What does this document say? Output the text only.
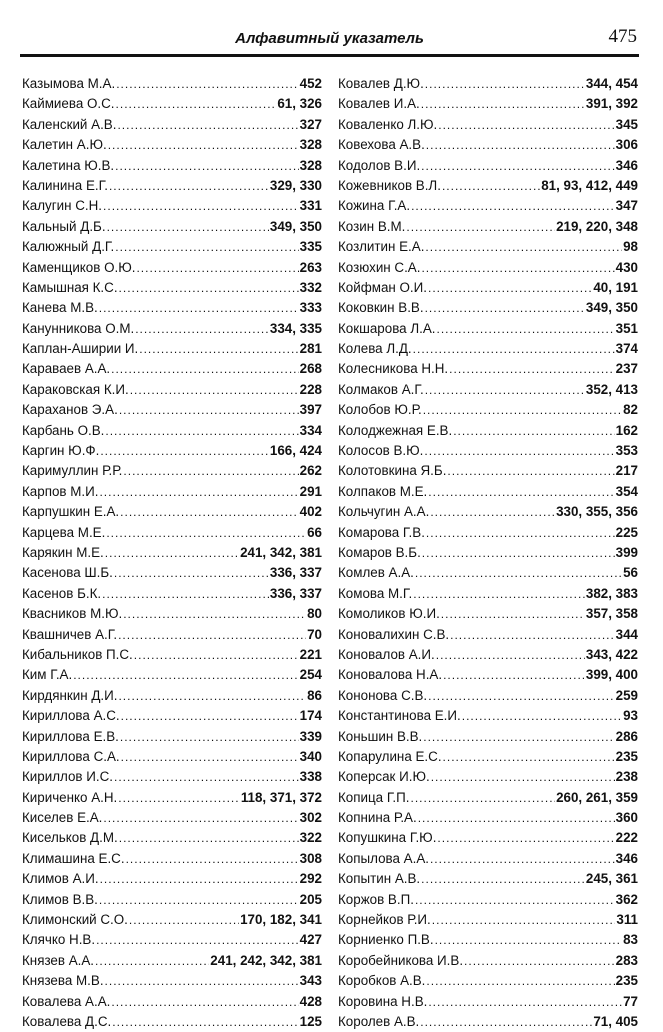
Алфавитный указатель	475
Казымова М.А. .....	452
Каймиева О.С. .....	61, 326
Каленский А.В. .....	327
Калетин А.Ю. .....	328
Калетина Ю.В. .....	328
Калинина Е.Г. .....	329, 330
Калугин С.Н. .....	331
Кальный Д.Б. .....	349, 350
Калюжный Д.Г. .....	335
Каменщиков О.Ю. .....	263
Камышная К.С. .....	332
Канева М.В. .....	333
Канунникова О.М. .....	334, 335
Каплан-Аширии И. .....	281
Караваев А.А. .....	268
Караковская К.И. .....	228
Караханов Э.А. .....	397
Карбань О.В. .....	334
Каргин Ю.Ф. .....	166, 424
Каримуллин Р.Р. .....	262
Карпов М.И. .....	291
Карпушкин Е.А. .....	402
Карцева М.Е. .....	66
Карякин М.Е. .....	241, 342, 381
Касенова Ш.Б. .....	336, 337
Касенов Б.К. .....	336, 337
Квасников М.Ю. .....	80
Квашничев А.Г. .....	70
Кибальников П.С. .....	221
Ким Г.А. .....	254
Кирдянкин Д.И. .....	86
Кириллова А.С. .....	174
Кириллова Е.В. .....	339
Кириллова С.А. .....	340
Кириллов И.С. .....	338
Кириченко А.Н. .....	118, 371, 372
Киселев Е.А. .....	302
Кисельков Д.М. .....	322
Климашина Е.С. .....	308
Климов А.И. .....	292
Климов В.В. .....	205
Климонский С.О. .....	170, 182, 341
Клячко Н.В. .....	427
Князев А.А. .....	241, 242, 342, 381
Князева М.В. .....	343
Ковалева А.А. .....	428
Ковалева Д.С. .....	125
Ковалев Д.Ю. .....	344, 454
Ковалев И.А. .....	391, 392
Коваленко Л.Ю. .....	345
Ковехова А.В. .....	306
Кодолов В.И. .....	346
Кожевников В.Л. .....	81, 93, 412, 449
Кожина Г.А. .....	347
Козин В.М. .....	219, 220, 348
Козлитин Е.А. .....	98
Козюхин С.А. .....	430
Койфман О.И. .....	40, 191
Коковкин В.В. .....	349, 350
Кокшарова Л.А. .....	351
Колева Л.Д. .....	374
Колесникова Н.Н. .....	237
Колмаков А.Г. .....	352, 413
Колобов Ю.Р. .....	82
Колоджежная Е.В. .....	162
Колосов В.Ю. .....	353
Колотовкина Я.Б. .....	217
Колпаков М.Е. .....	354
Кольчугин А.А. .....	330, 355, 356
Комарова Г.В. .....	225
Комаров В.Б. .....	399
Комлев А.А. .....	56
Комова М.Г. .....	382, 383
Комоликов Ю.И. .....	357, 358
Коновалихин С.В. .....	344
Коновалов А.И. .....	343, 422
Коновалова Н.А. .....	399, 400
Кононова С.В. .....	259
Константинова Е.И. .....	93
Коньшин В.В. .....	286
Копарулина Е.С. .....	235
Коперсак И.Ю. .....	238
Копица Г.П. .....	260, 261, 359
Копнина Р.А. .....	360
Копушкина Г.Ю. .....	222
Копылова А.А. .....	346
Копытин А.В. .....	245, 361
Коржов В.П. .....	362
Корнейков Р.И. .....	311
Корниенко П.В. .....	83
Коробейникова И.В. .....	283
Коробков А.В. .....	235
Коровина Н.В. .....	77
Королев А.В. .....	71, 405
